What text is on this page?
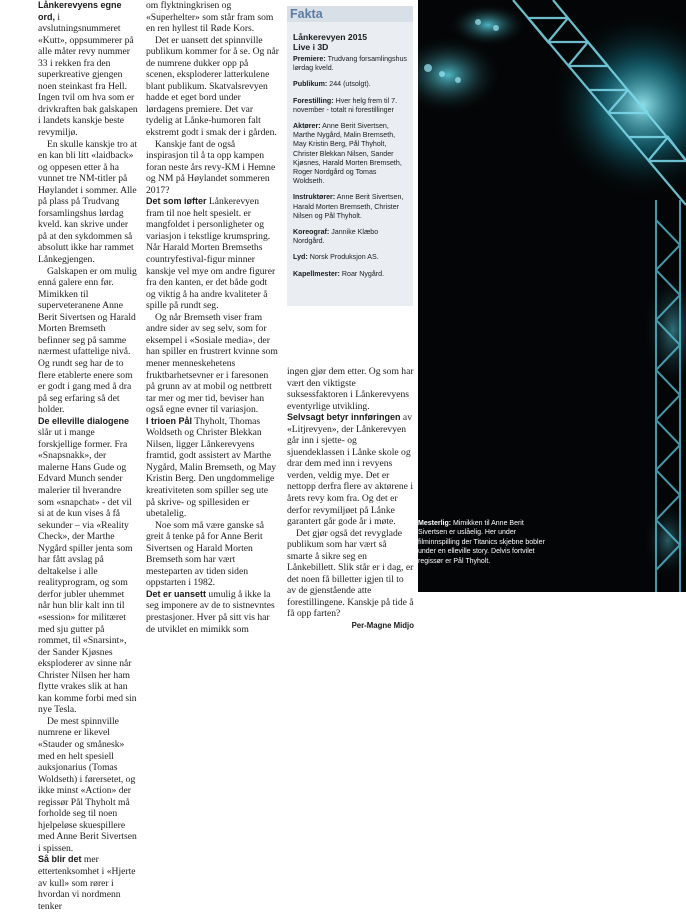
Lånkerevyens egne ord, i avslutningsnummeret «Kutt», oppsummerer på alle måter revy nummer 33 i rekken fra den superkreative gjengen noen steinkast fra Hell. Ingen tvil om hva som er drivkraften bak galskapen i landets kanskje beste revymiljø.

En skulle kanskje tro at en kan bli litt «laidback» og oppesen etter å ha vunnet tre NM-titler på Høylandet i sommer. Alle på plass på Trudvang forsamlingshus lørdag kveld. kan skrive under på at den sykdommen så absolutt ikke har rammet Lånkegjengen.

Galskapen er om mulig enná galere enn før. Mimikken til superveteranene Anne Berit Sivertsen og Harald Morten Bremseth befinner seg på samme nærmest ufattelige nivå. Og rundt seg har de to flere etablerte enere som er godt i gang med å dra på seg erfaring så det holder.

De elleville dialogene slår ut i mange forskjellige former. Fra «Snapsnakk», der malerne Hans Gude og Edvard Munch sender malerier til hverandre som «snapchat» - det vil si at de kun vises å få sekunder – via «Reality Check», der Marthe Nygård spiller jenta som har fått avslag på deltakelse i alle realityprogram, og som derfor jubler uhemmet når hun blir kalt inn til «session» for militæret med sju gutter på rommet, til «Snarsint», der Sander Kjøsnes eksploderer av sinne når Christer Nilsen her ham flytte vrakes slik at han kan komme forbi med sin nye Tesla.

De mest spinnville numrene er likevel «Stauder og smånesk» med en helt spesiell auksjonarius (Tomas Woldseth) i førersetet, og ikke minst «Action» der regissør Pål Thyholt må forholde seg til noen hjelpeløse skuespillere med Anne Berit Sivertsen i spissen.

Så blir det mer ettertenksomhet i «Hjerte av kull» som rører i hvordan vi nordmenn tenker

om flyktningkrisen og «Superhelter» som står fram som en ren hyllest til Røde Kors.

Det er uansett det spinnville publikum kommer for å se. Og når de numrene dukker opp på scenen, eksploderer latterkulene blant publikum. Skatvalsrevyen hadde et eget bord under lørdagens premiere. Det var tydelig at Lånke-humoren falt ekstremt godt i smak der i gården.

Kanskje fant de også inspirasjon til å ta opp kampen foran neste års revy-KM i Hemne og NM på Høylandet sommeren 2017?

Det som løfter Lånkerevyen fram til noe helt spesielt. er mangfoldet i personligheter og variasjon i tekstlige krumspring. Når Harald Morten Bremseths countryfestival-figur minner kanskje vel mye om andre figurer fra den kanten, er det både godt og viktig å ha andre kvaliteter å spille på rundt seg.

Og når Bremseth viser fram andre sider av seg selv, som for eksempel i «Sosiale media», der han spiller en frustrert kvinne som mener menneskehetens fruktbarhetsevner er i faresonen på grunn av at mobil og nettbrett tar mer og mer tid, beviser han også egne evner til variasjon.

I trioen Pål Thyholt, Thomas Woldseth og Christer Blekkan Nilsen, ligger Lånkerevyens framtid, godt assistert av Marthe Nygård, Malin Bremseth, og May Kristin Berg. Den ungdommelige kreativiteten som spiller seg ute på skrive- og spillesiden er ubetalelig.

Noe som må være ganske så greit å tenke på for Anne Berit Sivertsen og Harald Morten Bremseth som har vært mesteparten av tiden siden oppstarten i 1982.

Det er uansett umulig å ikke la seg imponere av de to sistnevntes prestasjoner. Hver på sitt vis har de utviklet en mimikk som

Fakta
Lånkerevyen 2015
Live i 3D

Premiere: Trudvang forsamlingshus lørdag kveld.

Publikum: 244 (utsolgt).

Forestilling: Hver helg frem til 7. november - totalt ni forestillinger

Aktører: Anne Berit Sivertsen, Marthe Nygård, Malin Bremseth, May Kristin Berg, Pål Thyholt, Christer Blekkan Nilsen, Sander Kjøsnes, Harald Morten Bremseth, Roger Nordgård og Tomas Woldseth.

Instruktører: Anne Berit Sivertsen, Harald Morten Bremseth, Christer Nilsen og Pål Thyholt.

Koreograf: Jannike Klæbo Nordgård.

Lyd: Norsk Produksjon AS.

Kapellmester: Roar Nygård.

ingen gjør dem etter. Og som har vært den viktigste suksessfaktoren i Lånkerevyens eventyrlige utvikling.

Selvsagt betyr innføringen av «Litjrevyen», der Lånkerevyen går inn i sjette- og sjuendeklassen i Lånke skole og drar dem med inn i revyens verden, veldig mye. Det er nettopp derfra flere av aktørene i årets revy kom fra. Og det er derfor revymiljøet på Lånke garantert går gode år i møte.

Det gjør også det revyglade publikum som har vært så smarte å sikre seg en Lånkebillett. Slik står er i dag, er det noen få billetter igjen til to av de gjenstående atte forestillingene. Kanskje på tide å få opp farten?

Per-Magne Midjo
Mesterlig: Mimikken til Anne Berit Sivertsen er uslåelig. Her under filminnspilling der Titanics skjebne bobler under en elleville story. Delvis fortvilet regissør er Pål Thyholt.
